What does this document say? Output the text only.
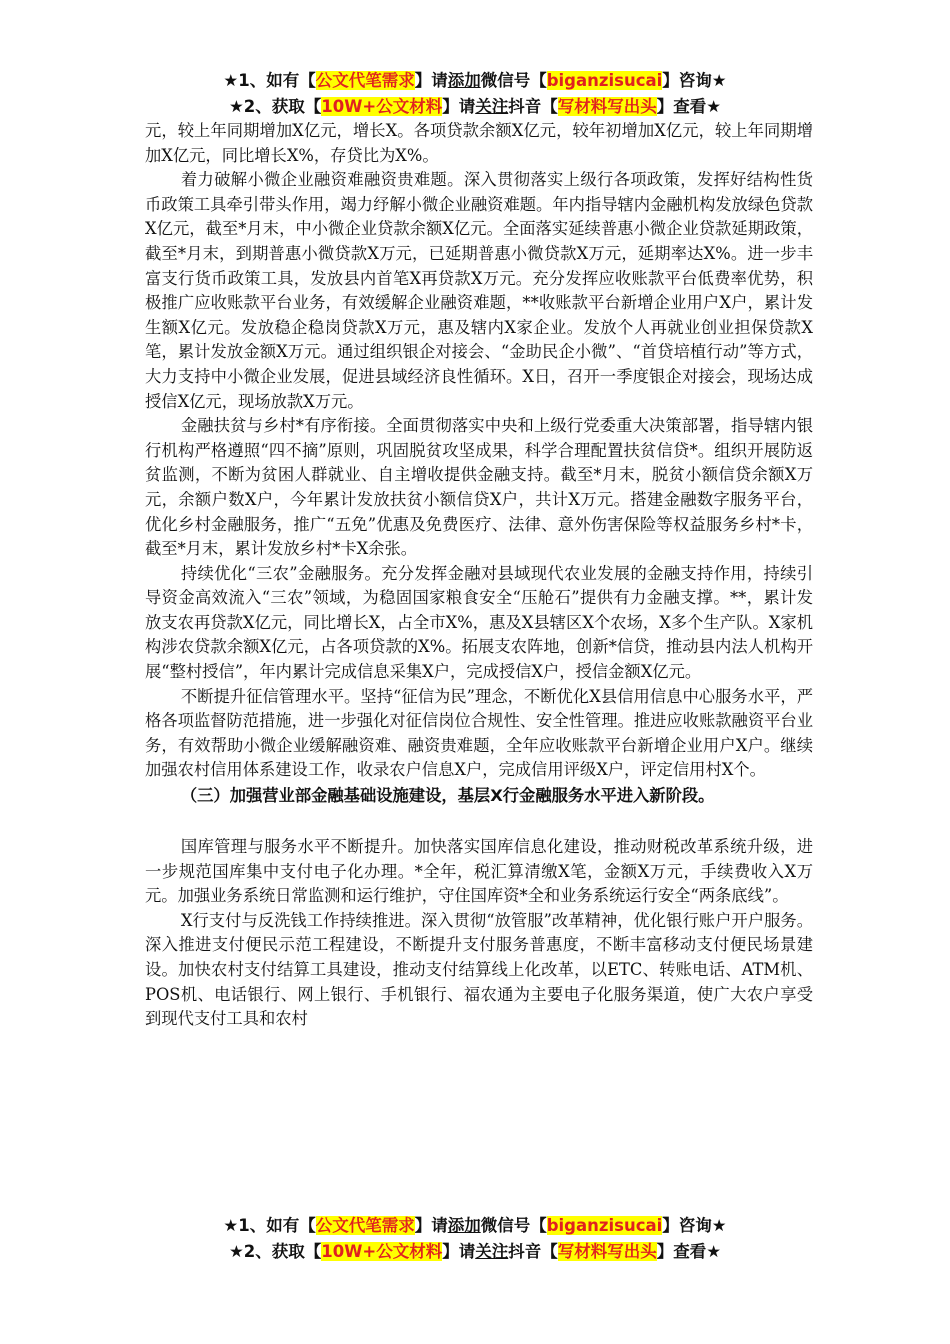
★1、如有【公文代笔需求】请添加微信号【biganzisucai】咨询★
★2、获取【10W+公文材料】请关注抖音【写材料写出头】查看★

元，较上年同期增加X亿元，增长X。各项贷款余额X亿元，较年初增加X亿元，较上年同期增加X亿元，同比增长X%，存贷比为X%。

着力破解小微企业融资难融资贵难题。深入贯彻落实上级行各项政策，发挥好结构性货币政策工具牵引带头作用，竭力纾解小微企业融资难题。年内指导辖内金融机构发放绿色贷款X亿元，截至*月末，中小微企业贷款余额X亿元。全面落实延续普惠小微企业贷款延期政策，截至*月末，到期普惠小微贷款X万元，已延期普惠小微贷款X万元，延期率达X%。进一步丰富支行货币政策工具，发放县内首笔X再贷款X万元。充分发挥应收账款平台低费率优势，积极推广应收账款平台业务，有效缓解企业融资难题，**收账款平台新增企业用户X户，累计发生额X亿元。发放稳企稳岗贷款X万元，惠及辖内X家企业。发放个人再就业创业担保贷款X笔，累计发放金额X万元。通过组织银企对接会、“金助民企小微”、“首贷培植行动”等方式，大力支持中小微企业发展，促进县域经济良性循环。X日，召开一季度银企对接会，现场达成授信X亿元，现场放款X万元。

金融扶贫与乡村*有序衔接。全面贯彻落实中央和上级行党委重大决策部署，指导辖内银行机构严格遵照“四不摘”原则，巩固脱贫攻坚成果，科学合理配置扶贫信贷*。组织开展防返贫监测，不断为贫困人群就业、自主增收提供金融支持。截至*月末，脱贫小额信贷余额X万元，余额户数X户，今年累计发放扶贫小额信贷X户，共计X万元。搭建金融数字服务平台，优化乡村金融服务，推广“五免”优惠及免费医疗、法律、意外伤害保险等权益服务乡村*卡，截至*月末，累计发放乡村*卡X余张。

持续优化“三农”金融服务。充分发挥金融对县域现代农业发展的金融支持作用，持续引导资金高效流入“三农”领域，为稳固国家粮食安全“压舱石”提供有力金融支撑。**，累计发放支农再贷款X亿元，同比增长X，占全市X%，惠及X县辖区X个农场，X多个生产队。X家机构涉农贷款余额X亿元，占各项贷款的X%。拓展支农阵地，创新*信贷，推动县内法人机构开展“整村授信”，年内累计完成信息采集X户，完成授信X户，授信金额X亿元。

不断提升征信管理水平。坚持“征信为民”理念，不断优化X县信用信息中心服务水平，严格各项监督防范措施，进一步强化对征信岗位合规性、安全性管理。推进应收账款融资平台业务，有效帮助小微企业缓解融资难、融资贵难题，全年应收账款平台新增企业用户X户。继续加强农村信用体系建设工作，收录农户信息X户，完成信用评级X户，评定信用村X个。

（三）加强营业部金融基础设施建设，基层X行金融服务水平进入新阶段。

国库管理与服务水平不断提升。加快落实国库信息化建设，推动财税改革系统升级，进一步规范国库集中支付电子化办理。*全年，税汇算清缴X笔，金额X万元，手续费收入X万元。加强业务系统日常监测和运行维护，守住国库资*全和业务系统运行安全“两条底线”。

X行支付与反洗钱工作持续推进。深入贯彻“放管服”改革精神，优化银行账户开户服务。深入推进支付便民示范工程建设，不断提升支付服务普惠度，不断丰富移动支付便民场景建设。加快农村支付结算工具建设，推动支付结算线上化改革，以ETC、转账电话、ATM机、POS机、电话银行、网上银行、手机银行、福农通为主要电子化服务渠道，使广大农户享受到现代支付工具和农村

★1、如有【公文代笔需求】请添加微信号【biganzisucai】咨询★
★2、获取【10W+公文材料】请关注抖音【写材料写出头】查看★
